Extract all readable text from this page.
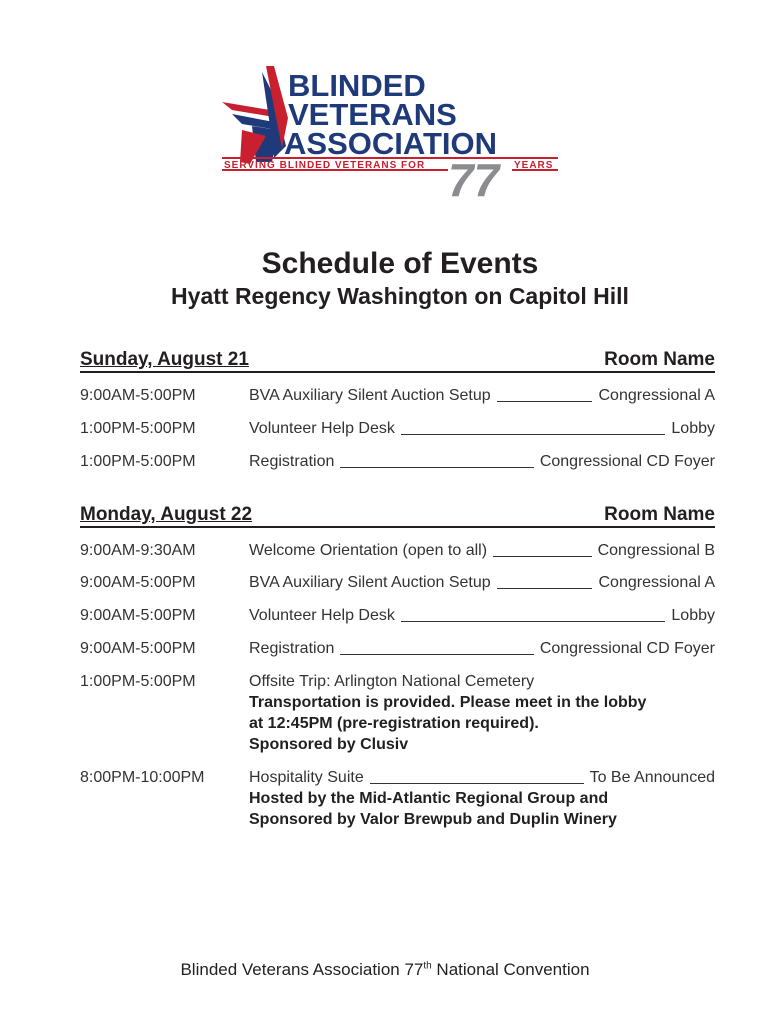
BLINDED
VETERANS
ASSOCIATION
SERVING BLINDED VETERANS FOR 77 YEARS
Schedule of Events
Hyatt Regency Washington on Capitol Hill
Sunday, August 21	Room Name
9:00AM-5:00PM	BVA Auxiliary Silent Auction Setup	Congressional A
1:00PM-5:00PM	Volunteer Help Desk	Lobby
1:00PM-5:00PM	Registration	Congressional CD Foyer
Monday, August 22	Room Name
9:00AM-9:30AM	Welcome Orientation (open to all)	Congressional B
9:00AM-5:00PM	BVA Auxiliary Silent Auction Setup	Congressional A
9:00AM-5:00PM	Volunteer Help Desk	Lobby
9:00AM-5:00PM	Registration	Congressional CD Foyer
1:00PM-5:00PM	Offsite Trip: Arlington National Cemetery
Transportation is provided. Please meet in the lobby
at 12:45PM (pre-registration required).
Sponsored by Clusiv
8:00PM-10:00PM	Hospitality Suite	To Be Announced
Hosted by the Mid-Atlantic Regional Group and
Sponsored by Valor Brewpub and Duplin Winery
Blinded Veterans Association 77th National Convention
